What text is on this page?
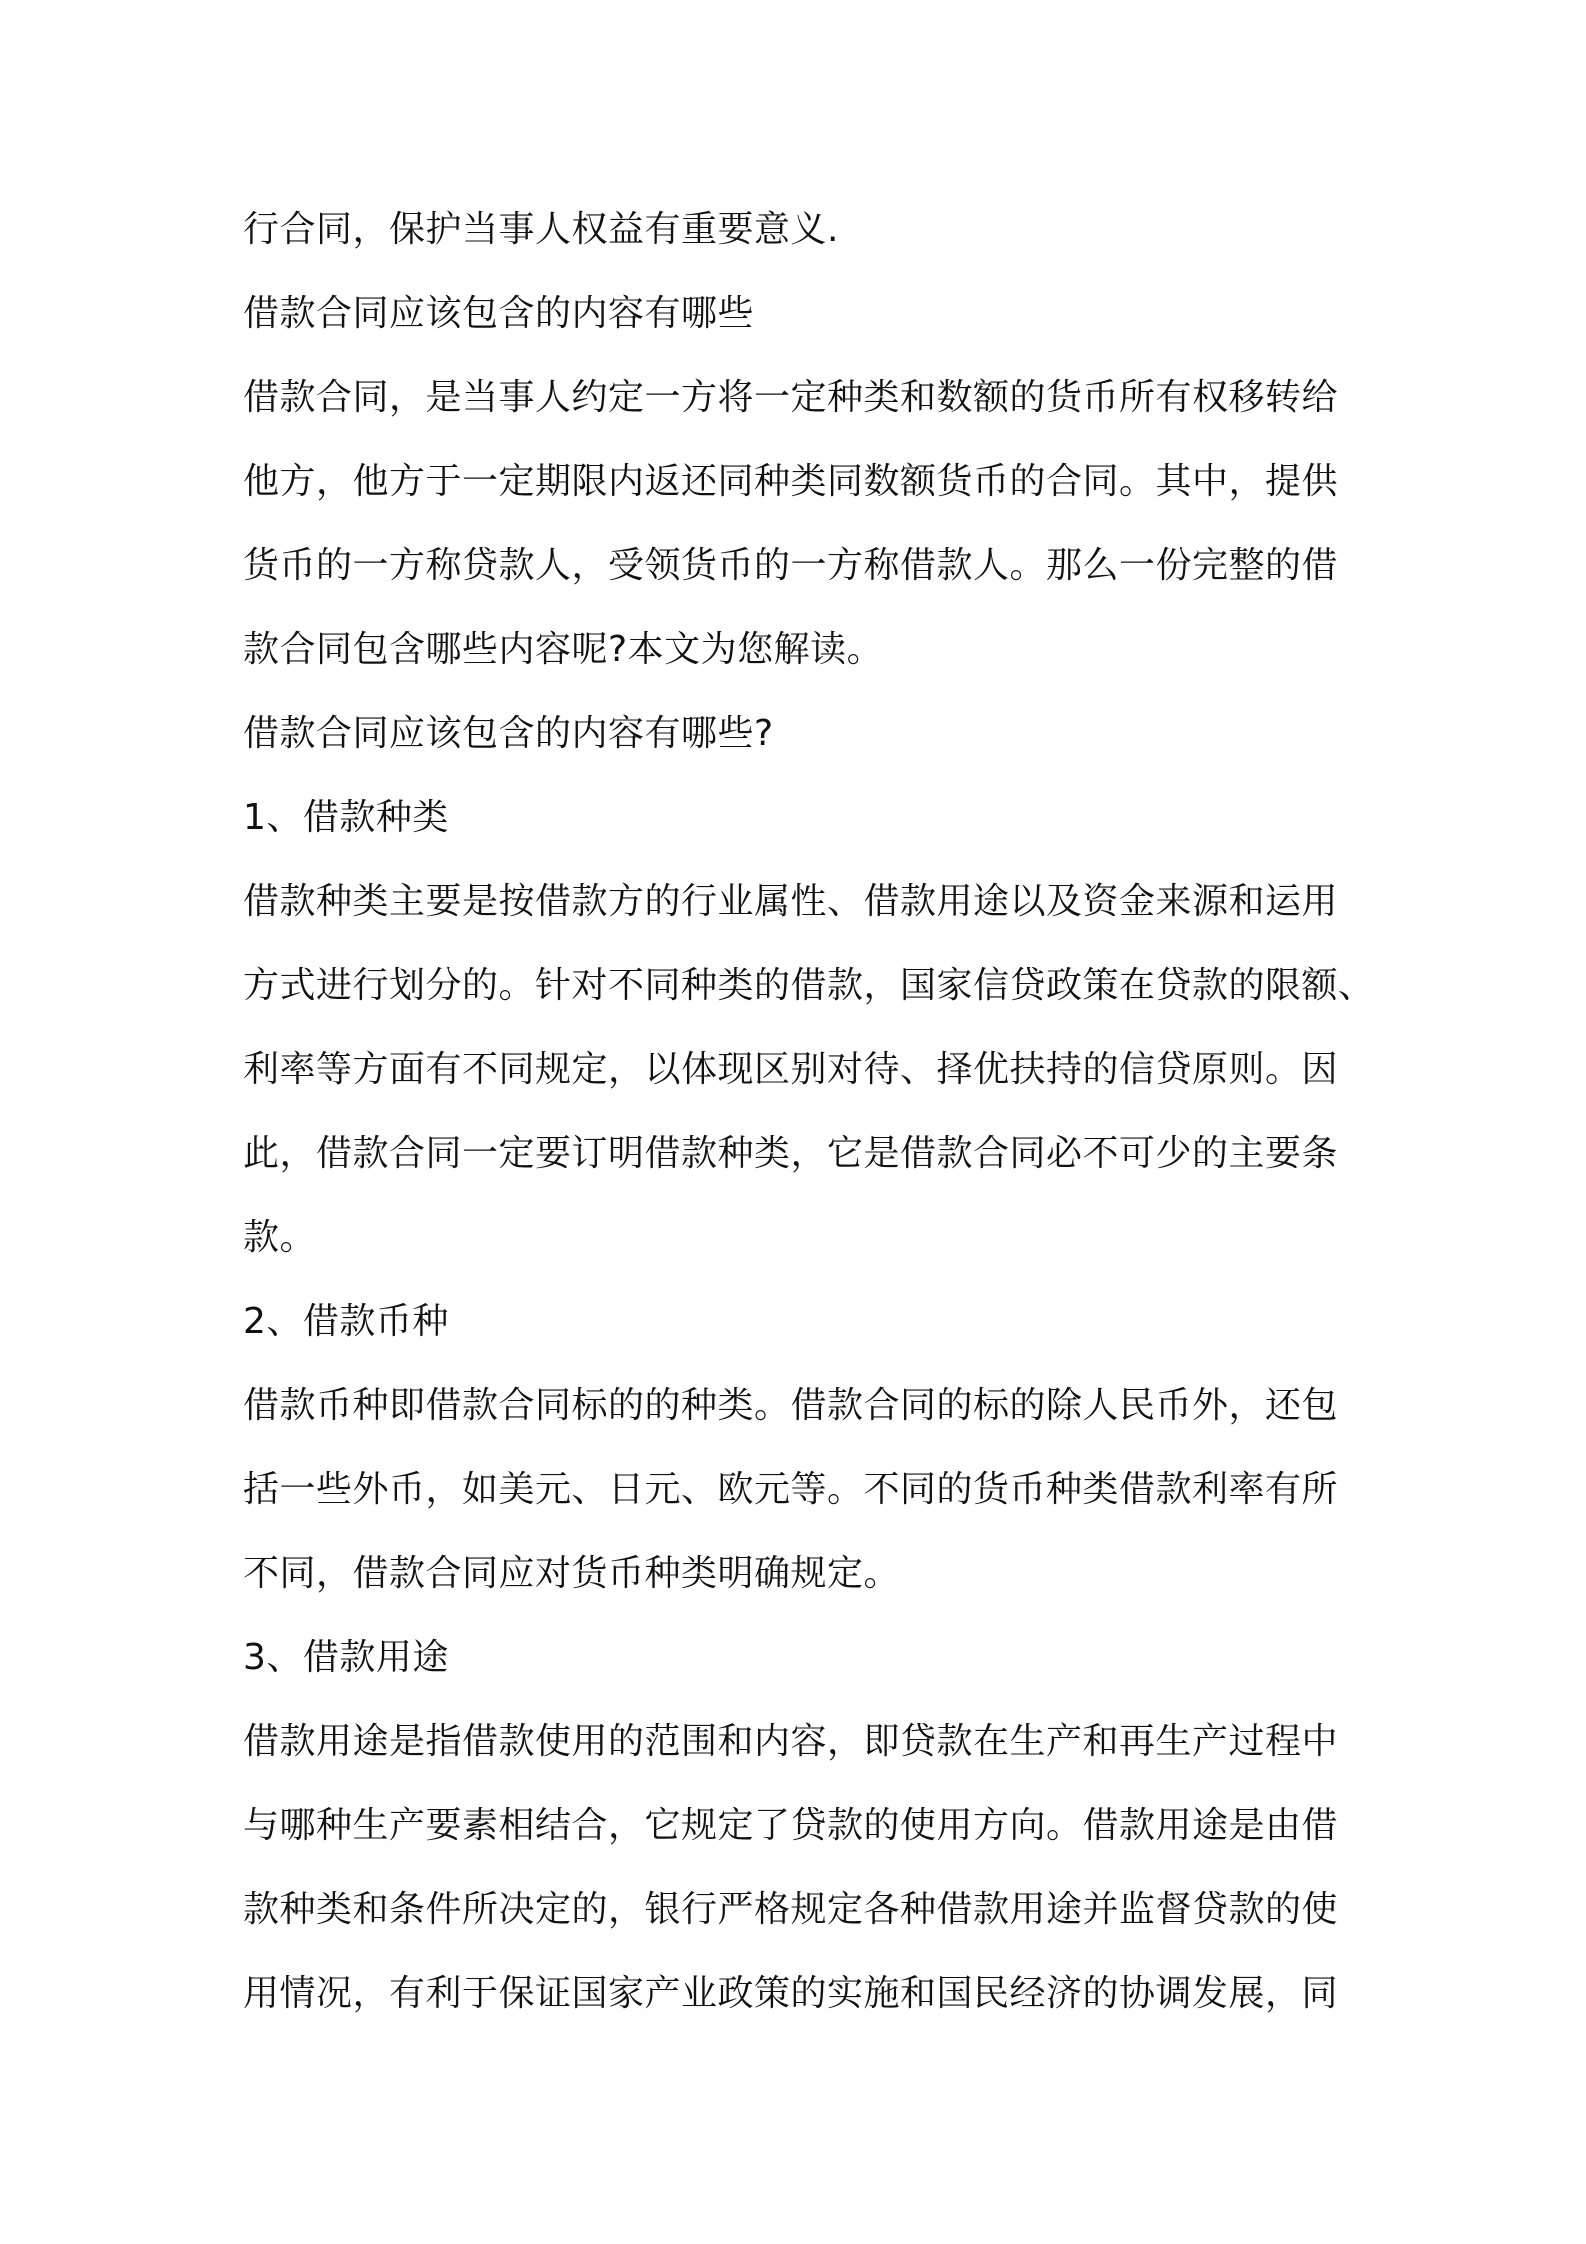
行合同，保护当事人权益有重要意义.
借款合同应该包含的内容有哪些
借款合同，是当事人约定一方将一定种类和数额的货币所有权移转给
他方，他方于一定期限内返还同种类同数额货币的合同。其中，提供
货币的一方称贷款人，受领货币的一方称借款人。那么一份完整的借
款合同包含哪些内容呢?本文为您解读。
借款合同应该包含的内容有哪些?
1、借款种类
借款种类主要是按借款方的行业属性、借款用途以及资金来源和运用
方式进行划分的。针对不同种类的借款，国家信贷政策在贷款的限额、
利率等方面有不同规定，以体现区别对待、择优扶持的信贷原则。因
此，借款合同一定要订明借款种类，它是借款合同必不可少的主要条
款。
2、借款币种
借款币种即借款合同标的的种类。借款合同的标的除人民币外，还包
括一些外币，如美元、日元、欧元等。不同的货币种类借款利率有所
不同，借款合同应对货币种类明确规定。
3、借款用途
借款用途是指借款使用的范围和内容，即贷款在生产和再生产过程中
与哪种生产要素相结合，它规定了贷款的使用方向。借款用途是由借
款种类和条件所决定的，银行严格规定各种借款用途并监督贷款的使
用情况，有利于保证国家产业政策的实施和国民经济的协调发展，同
